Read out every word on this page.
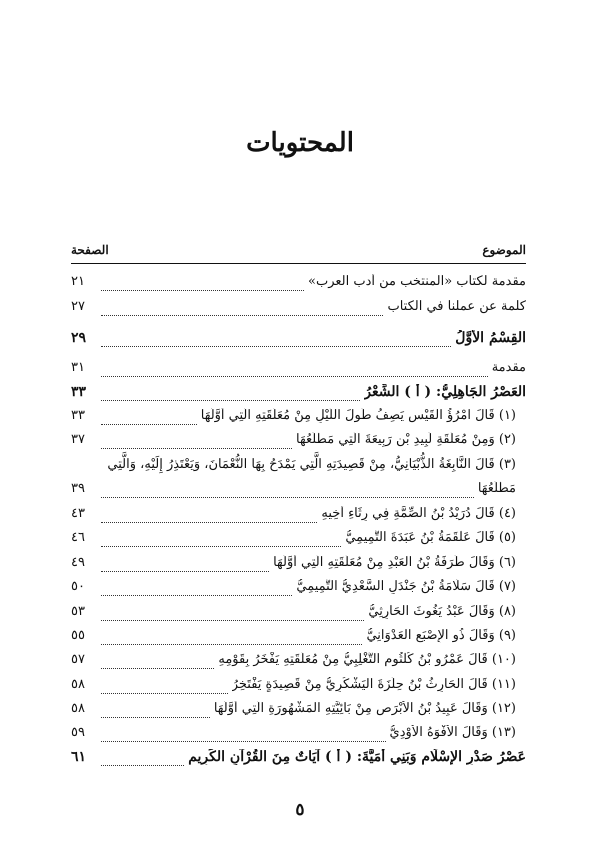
المحتويات
الموضوع
الصفحة
مقدمة لكتاب «المنتخب من أدب العرب»
٢١
كلمة عن عملنا في الكتاب
٢٧
القِسْمُ الأَوَّلُ
٢٩
مقدمة
٣١
العَصْرُ الجَاهِلِيُّ: ( أ ) الشِّعْرُ
٣٣
(١) قَالَ امْرُؤُ القَيْسِ يَصِفُ طُولَ اللَّيْلِ مِنْ مُعَلَّقَتِهِ الَّتِي أَوَّلُهَا
٣٣
(٢) وَمِنْ مُعَلَّقَةِ لَبِيدِ بْنِ رَبِيعَةَ الَّتِي مَطْلَعُهَا
٣٧
(٣) قَالَ النَّابِغَةُ الذُّبْيَانِيُّ، مِنْ قَصِيدَتِهِ الَّتِي يَمْدَحُ بِهَا النُّعْمَانَ، وَيَعْتَذِرُ إِلَيْهِ، وَالَّتِي
مَطْلَعُهَا
٣٩
(٤) قَالَ دُرَيْدُ بْنُ الصِّمَّةِ فِي رِثَاءِ أَخِيهِ
٤٣
(٥) قَالَ عَلْقَمَةُ بْنُ عَبَدَةَ التَّمِيمِيُّ
٤٦
(٦) وَقَالَ طَرَفَةُ بْنُ العَبْدِ مِنْ مُعَلَّقَتِهِ الَّتِي أَوَّلُهَا
٤٩
(٧) قَالَ سَلَامَةُ بْنُ جَنْدَلٍ السَّعْدِيُّ التَّمِيمِيُّ
٥٠
(٨) وَقَالَ عَبْدُ يَغُوثَ الحَارِثِيُّ
٥٣
(٩) وَقَالَ ذُو الإِصْبَعِ العَدْوَانِيُّ
٥٥
(١٠) قَالَ عَمْرُو بْنُ كُلْثُومٍ التَّغْلِبِيُّ مِنْ مُعَلَّقَتِهِ يَفْخَرُ بِقَوْمِهِ
٥٧
(١١) قَالَ الحَارِثُ بْنُ حِلِّزَةَ اليَشْكُرِيُّ مِنْ قَصِيدَةٍ يَفْتَخِرُ
٥٨
(١٢) وَقَالَ عَبِيدُ بْنُ الأَبْرَصِ مِنْ بَائِيَّتِهِ المَشْهُورَةِ الَّتِي أَوَّلُهَا
٥٨
(١٣) وَقَالَ الأَفْوَهُ الأَوْدِيُّ
٥٩
عَصْرُ صَدْرِ الإِسْلَامِ وَبَنِي أُمَيَّةَ: ( أ ) آيَاتٌ مِنَ القُرْآنِ الكَرِيمِ
٦١
٥
